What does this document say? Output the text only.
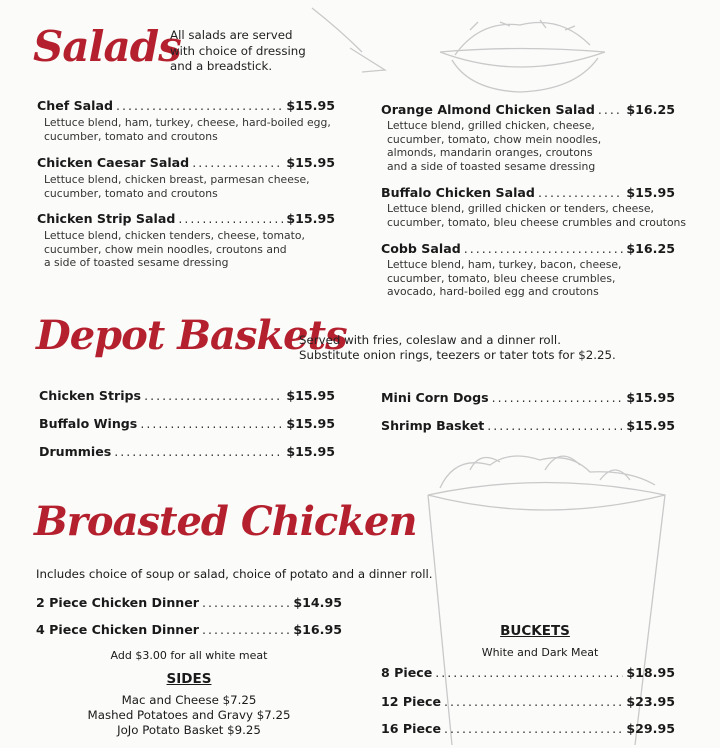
Salads
All salads are served
with choice of dressing
and a breadstick.
Chef Salad .....	$15.95
Lettuce blend, ham, turkey, cheese, hard-boiled egg,
cucumber, tomato and croutons
Chicken Caesar Salad .....	$15.95
Lettuce blend, chicken breast, parmesan cheese,
cucumber, tomato and croutons
Chicken Strip Salad .....	$15.95
Lettuce blend, chicken tenders, cheese, tomato,
cucumber, chow mein noodles, croutons and
a side of toasted sesame dressing
Orange Almond Chicken Salad .....	$16.25
Lettuce blend, grilled chicken, cheese,
cucumber, tomato, chow mein noodles,
almonds, mandarin oranges, croutons
and a side of toasted sesame dressing
Buffalo Chicken Salad .....	$15.95
Lettuce blend, grilled chicken or tenders, cheese,
cucumber, tomato, bleu cheese crumbles and croutons
Cobb Salad .....	$16.25
Lettuce blend, ham, turkey, bacon, cheese,
cucumber, tomato, bleu cheese crumbles,
avocado, hard-boiled egg and croutons
Depot Baskets
Served with fries, coleslaw and a dinner roll.
Substitute onion rings, teezers or tater tots for $2.25.
Chicken Strips .....	$15.95
Buffalo Wings .....	$15.95
Drummies .....	$15.95
Mini Corn Dogs .....	$15.95
Shrimp Basket .....	$15.95
Broasted Chicken
Includes choice of soup or salad, choice of potato and a dinner roll.
2 Piece Chicken Dinner .....	$14.95
4 Piece Chicken Dinner .....	$16.95
Add $3.00 for all white meat
SIDES
Mac and Cheese $7.25
Mashed Potatoes and Gravy $7.25
JoJo Potato Basket $9.25
BUCKETS
White and Dark Meat
8 Piece .....	$18.95
12 Piece .....	$23.95
16 Piece .....	$29.95
